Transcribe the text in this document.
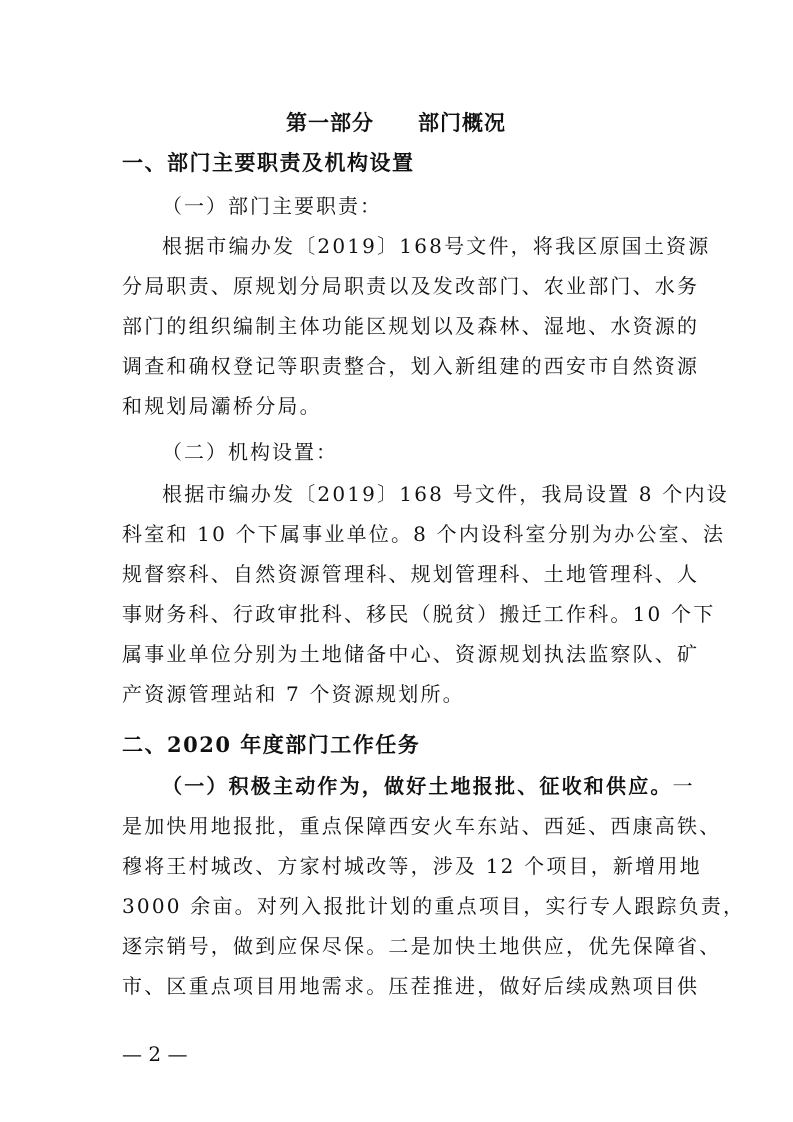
第一部分　　部门概况
一、部门主要职责及机构设置
（一）部门主要职责：
根据市编办发〔2019〕168号文件，将我区原国土资源
分局职责、原规划分局职责以及发改部门、农业部门、水务
部门的组织编制主体功能区规划以及森林、湿地、水资源的
调查和确权登记等职责整合，划入新组建的西安市自然资源
和规划局灞桥分局。
（二）机构设置：
根据市编办发〔2019〕168 号文件，我局设置 8 个内设
科室和 10 个下属事业单位。8 个内设科室分别为办公室、法
规督察科、自然资源管理科、规划管理科、土地管理科、人
事财务科、行政审批科、移民（脱贫）搬迁工作科。10 个下
属事业单位分别为土地储备中心、资源规划执法监察队、矿
产资源管理站和 7 个资源规划所。
二、2020 年度部门工作任务
（一）积极主动作为，做好土地报批、征收和供应。一
是加快用地报批，重点保障西安火车东站、西延、西康高铁、
穆将王村城改、方家村城改等，涉及 12 个项目，新增用地
3000 余亩。对列入报批计划的重点项目，实行专人跟踪负责，
逐宗销号，做到应保尽保。二是加快土地供应，优先保障省、
市、区重点项目用地需求。压茬推进，做好后续成熟项目供
— 2 —
